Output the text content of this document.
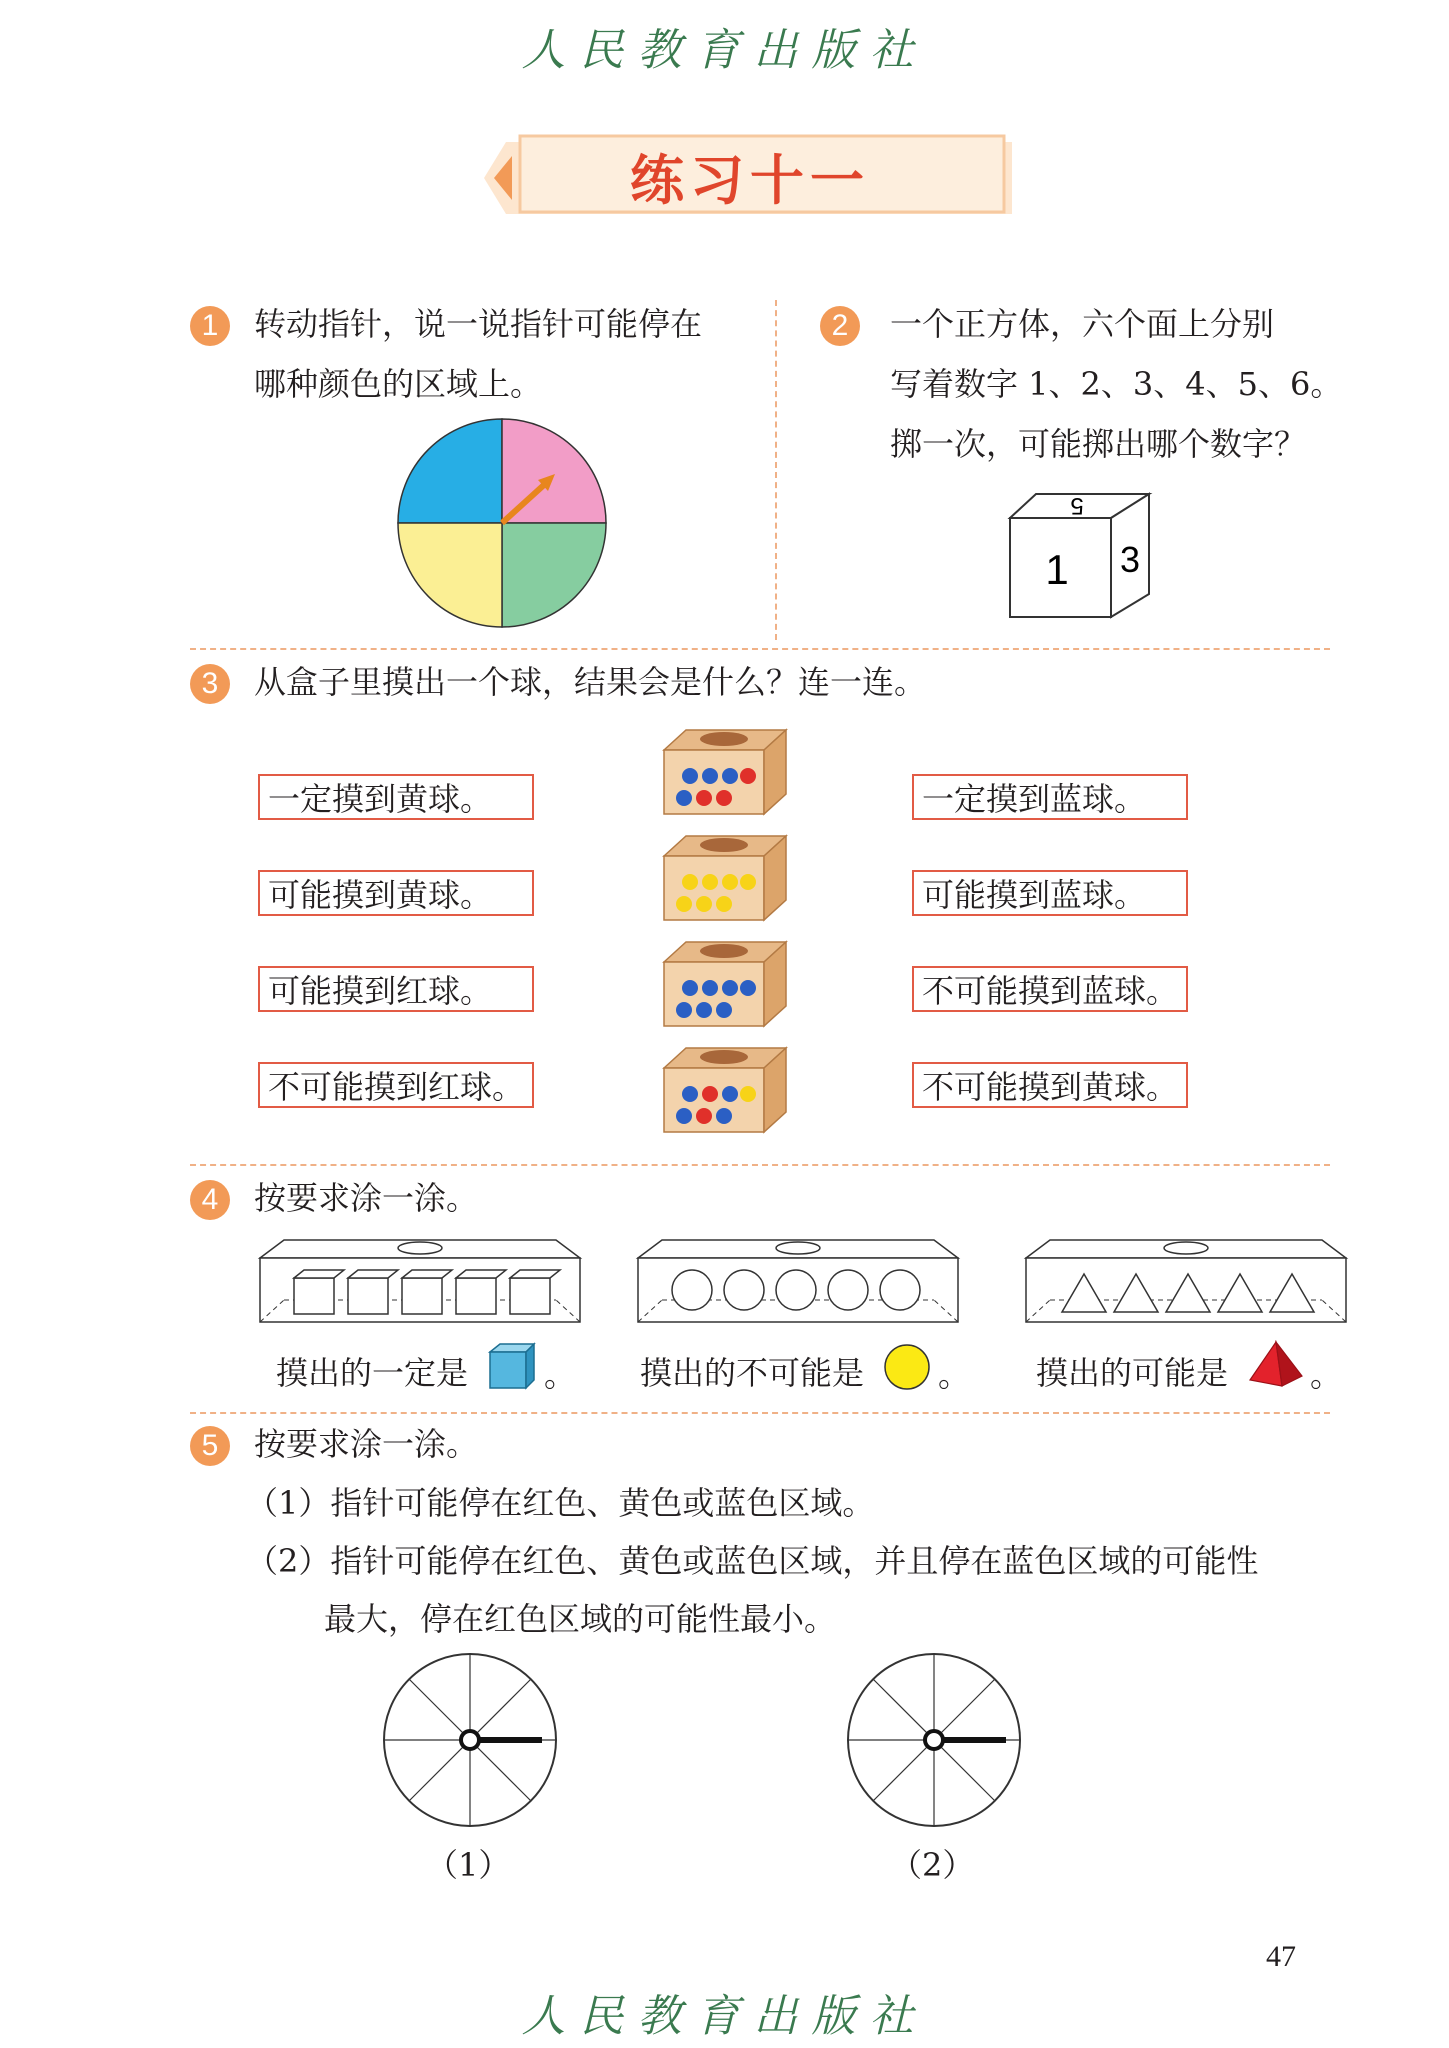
人民教育出版社
练习十一
1	转动指针，说一说指针可能停在
哪种颜色的区域上。
2	一个正方体，六个面上分别
写着数字 1、2、3、4、5、6。
掷一次，可能掷出哪个数字？
5
1 3
3	从盒子里摸出一个球，结果会是什么？连一连。
一定摸到黄球。
可能摸到黄球。
可能摸到红球。
不可能摸到红球。
一定摸到蓝球。
可能摸到蓝球。
不可能摸到蓝球。
不可能摸到黄球。
4	按要求涂一涂。
摸出的一定是 。 摸出的不可能是 。 摸出的可能是	。
5	按要求涂一涂。
（1）指针可能停在红色、黄色或蓝色区域。
（2）指针可能停在红色、黄色或蓝色区域，并且停在蓝色区域的可能性
最大，停在红色区域的可能性最小。
（1）	（2）
47
人民教育出版社
